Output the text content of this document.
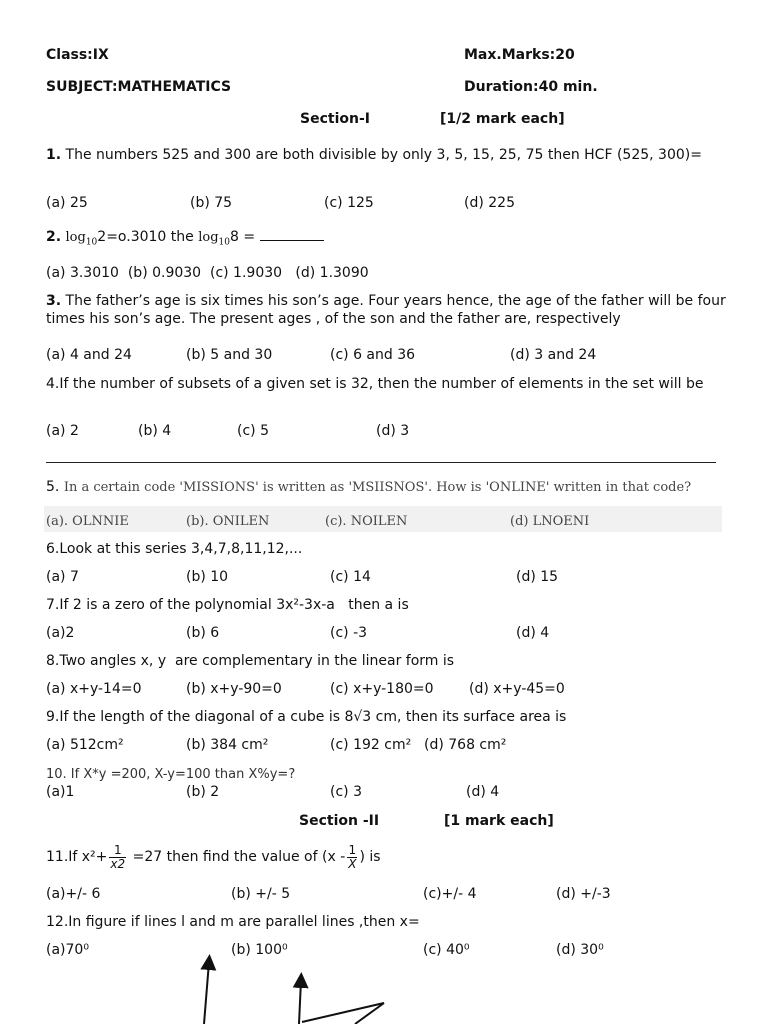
Class:IX	Max.Marks:20
SUBJECT:MATHEMATICS	Duration:40 min.
Section-I	[1/2 mark each]
1. The numbers 525 and 300 are both divisible by only 3, 5, 15, 25, 75 then HCF (525, 300)=
(a) 25	(b) 75	(c) 125	(d) 225
2. $\log_{10}2=o.3010$ the $\log_{10}8$ =
(a) 3.3010  (b) 0.9030  (c) 1.9030   (d) 1.3090
3. The father’s age is six times his son’s age. Four years hence, the age of the father will be four times his son’s age. The present ages , of the son and the father are, respectively
(a) 4 and 24	(b) 5 and 30	(c) 6 and 36	(d) 3 and 24
4.If the number of subsets of a given set is 32, then the number of elements in the set will be
(a) 2	(b) 4	(c) 5	(d) 3
5. In a certain code 'MISSIONS' is written as 'MSIISNOS'. How is 'ONLINE' written in that code?
(a). OLNNIE	(b). ONILEN	(c). NOILEN	(d) LNOENI
6.Look at this series 3,4,7,8,11,12,...
(a) 7	(b) 10	(c) 14	(d) 15
7.If 2 is a zero of the polynomial 3x²-3x-a   then a is
(a)2	(b) 6	(c) -3	(d) 4
8.Two angles x, y  are complementary in the linear form is
(a) x+y-14=0	(b) x+y-90=0	(c) x+y-180=0	(d) x+y-45=0
9.If the length of the diagonal of a cube is 8√3 cm, then its surface area is
(a) 512cm²	(b) 384 cm²	(c) 192 cm² (d) 768 cm²
10. If X*y =200, X-y=100 than X%y=?
(a)1	(b) 2	(c) 3	(d) 4
Section -II	[1 mark each]
11.If $x^2+ \frac{1}{x2} =27$ then find the value of ($x - \frac{1}{X}$ ) is
(a)+/- 6	(b) +/- 5	(c)+/- 4	(d) +/-3
12.In figure if lines l and m are parallel lines ,then x=
(a)70⁰	(b) 100⁰	(c) 40⁰	(d) 30⁰
